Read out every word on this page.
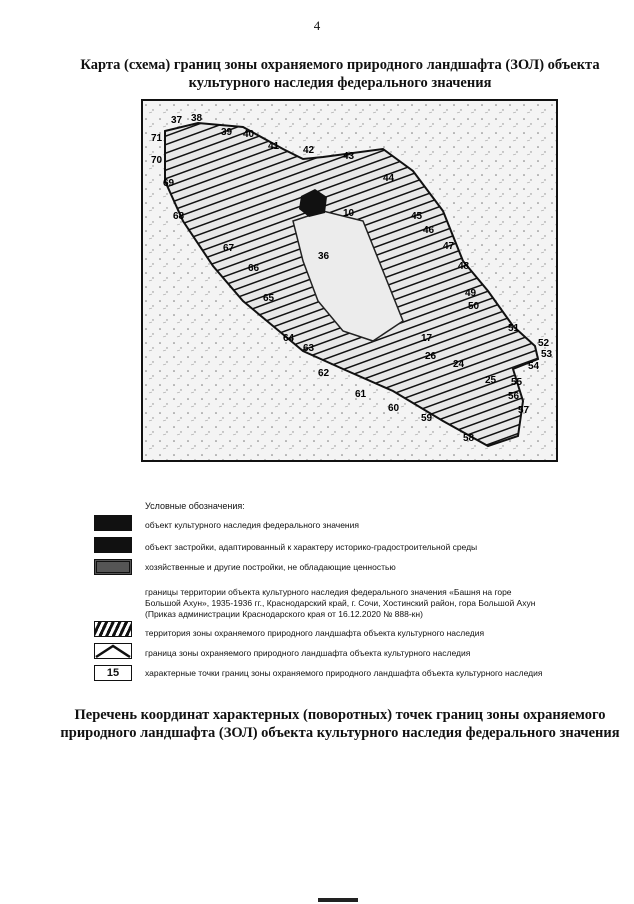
4
Карта (схема) границ зоны охраняемого природного ландшафта (ЗОЛ) объекта культурного наследия федерального значения
37 38
39 40
41 42
43
44
45
46
47
48
49
50
51
52
53
54
55
56
57
58
59
60
61
62
63
64
65
66
67
68
69
70
71
17
25
26
24
36
10
Условные обозначения:
15
объект культурного наследия федерального значения
объект застройки, адаптированный к характеру историко-градостроительной среды
хозяйственные и другие постройки, не обладающие ценностью
границы территории объекта культурного наследия федерального значения «Башня на горе Большой Ахун», 1935-1936 гг., Краснодарский край, г. Сочи, Хостинский район, гора Большой Ахун (Приказ администрации Краснодарского края от 16.12.2020 № 888-кн)
территория зоны охраняемого природного ландшафта объекта культурного наследия
граница зоны охраняемого природного ландшафта объекта культурного наследия
характерные точки границ зоны охраняемого природного ландшафта объекта культурного наследия
Перечень координат характерных (поворотных) точек границ зоны охраняемого природного ландшафта (ЗОЛ) объекта культурного наследия федерального значения
